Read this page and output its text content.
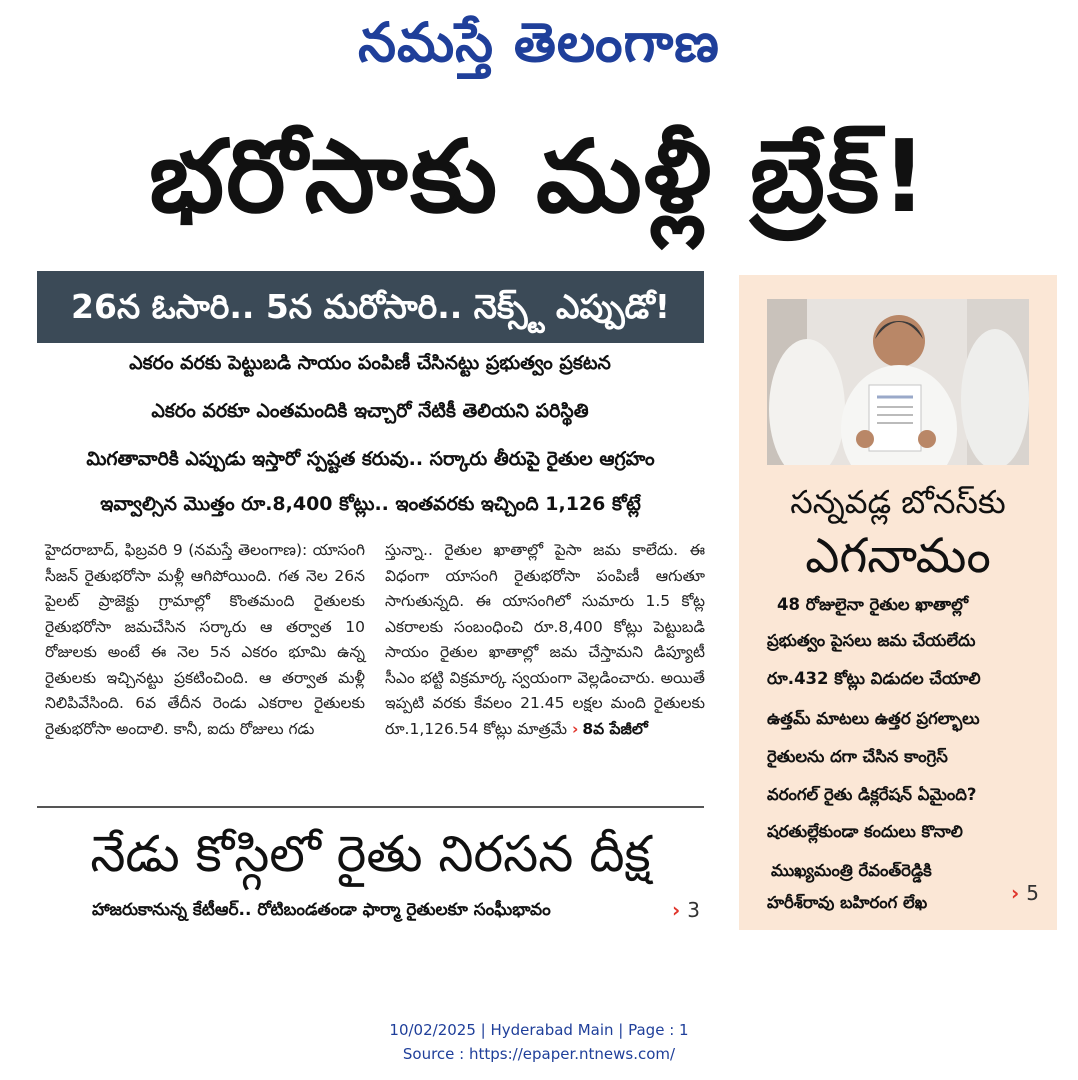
నమస్తే తెలంగాణ
భరోసాకు మళ్లీ బ్రేక్!
26న ఓసారి.. 5న మరోసారి.. నెక్స్ట్ ఎప్పుడో!
ఎకరం వరకు పెట్టుబడి సాయం పంపిణీ చేసినట్టు ప్రభుత్వం ప్రకటన
ఎకరం వరకూ ఎంతమందికి ఇచ్చారో నేటికీ తెలియని పరిస్థితి
మిగతావారికి ఎప్పుడు ఇస్తారో స్పష్టత కరువు.. సర్కారు తీరుపై రైతుల ఆగ్రహం
ఇవ్వాల్సిన మొత్తం రూ.8,400 కోట్లు.. ఇంతవరకు ఇచ్చింది 1,126 కోట్లే

హైదరాబాద్, ఫిబ్రవరి 9 (నమస్తే తెలంగాణ): యాసంగి సీజన్ రైతుభరోసా మళ్లీ ఆగిపోయింది. గత నెల 26న పైలట్ ప్రాజెక్టు గ్రామాల్లో కొంతమంది రైతులకు రైతుభరోసా జమచేసిన సర్కారు ఆ తర్వాత 10 రోజులకు అంటే ఈ నెల 5న ఎకరం భూమి ఉన్న రైతులకు ఇచ్చినట్టు ప్రకటించింది. ఆ తర్వాత మళ్లీ నిలిపివేసింది. 6వ తేదీన రెండు ఎకరాల రైతులకు రైతుభరోసా అందాలి. కానీ, ఐదు రోజులు గడు

స్తున్నా.. రైతుల ఖాతాల్లో పైసా జమ కాలేదు. ఈ విధంగా యాసంగి రైతుభరోసా పంపిణీ ఆగుతూ సాగుతున్నది. ఈ యాసంగిలో సుమారు 1.5 కోట్ల ఎకరాలకు సంబంధించి రూ.8,400 కోట్లు పెట్టుబడి సాయం రైతుల ఖాతాల్లో జమ చేస్తామని డిప్యూటీ సీఎం భట్టి విక్రమార్క స్వయంగా వెల్లడించారు. అయితే ఇప్పటి వరకు కేవలం 21.45 లక్షల మంది రైతులకు రూ.1,126.54 కోట్లు మాత్రమే › 8వ పేజీలో

నేడు కోస్గిలో రైతు నిరసన దీక్ష
హాజరుకానున్న కేటీఆర్.. రోటిబండతండా ఫార్మా రైతులకూ సంఘీభావం	› 3
సన్నవడ్ల బోనస్‌కు
ఎగనామం
48 రోజులైనా రైతుల ఖాతాల్లో
ప్రభుత్వం పైసలు జమ చేయలేదు
రూ.432 కోట్లు విడుదల చేయాలి
ఉత్తమ్ మాటలు ఉత్తర ప్రగల్భాలు
రైతులను దగా చేసిన కాంగ్రెస్
వరంగల్ రైతు డిక్లరేషన్ ఏమైంది?
షరతుల్లేకుండా కందులు కొనాలి
ముఖ్యమంత్రి రేవంత్‌రెడ్డికి
హరీశ్‌రావు బహిరంగ లేఖ	› 5
10/02/2025 | Hyderabad Main | Page : 1
Source : https://epaper.ntnews.com/
